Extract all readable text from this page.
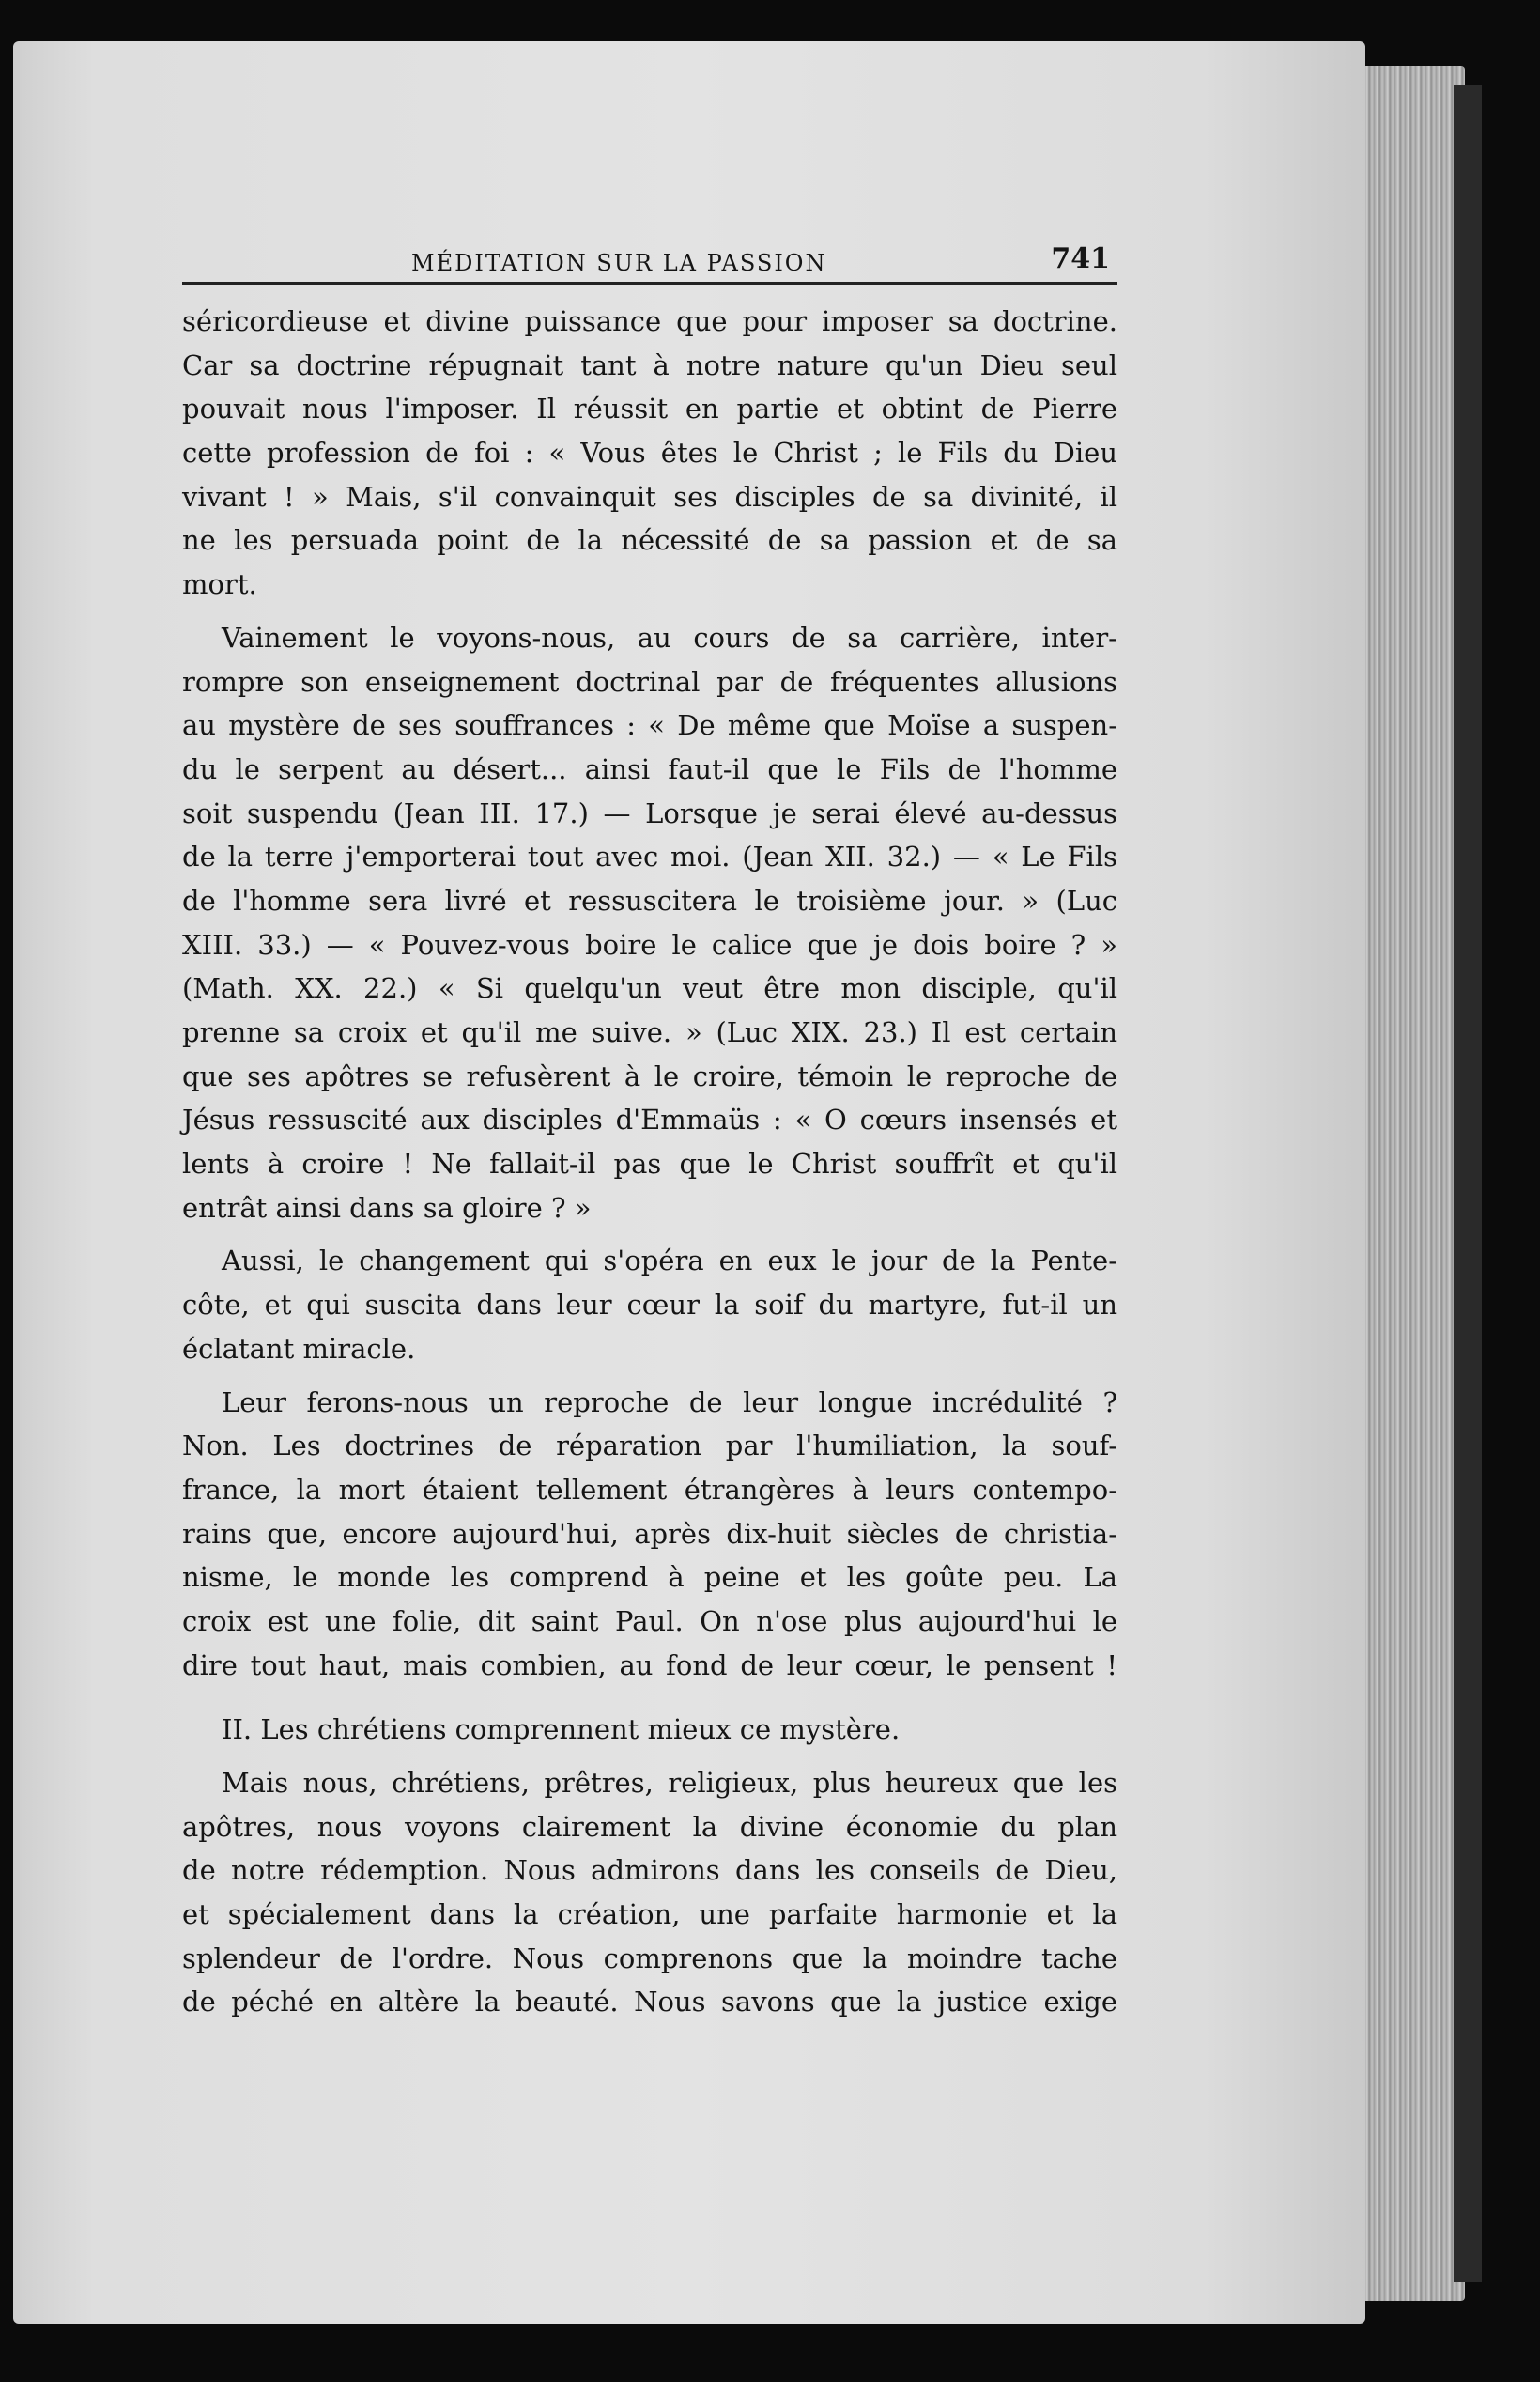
MÉDITATION SUR LA PASSION	741
séricordieuse et divine puissance que pour imposer sa doctrine.
Car sa doctrine répugnait tant à notre nature qu'un Dieu seul
pouvait nous l'imposer. Il réussit en partie et obtint de Pierre
cette profession de foi : « Vous êtes le Christ ; le Fils du Dieu
vivant ! » Mais, s'il convainquit ses disciples de sa divinité, il
ne les persuada point de la nécessité de sa passion et de sa
mort.
Vainement le voyons-nous, au cours de sa carrière, inter-
rompre son enseignement doctrinal par de fréquentes allusions
au mystère de ses souffrances : « De même que Moïse a suspen-
du le serpent au désert... ainsi faut-il que le Fils de l'homme
soit suspendu (Jean III. 17.) — Lorsque je serai élevé au-dessus
de la terre j'emporterai tout avec moi. (Jean XII. 32.) — « Le Fils
de l'homme sera livré et ressuscitera le troisième jour. » (Luc
XIII. 33.) — « Pouvez-vous boire le calice que je dois boire ? »
(Math. XX. 22.) « Si quelqu'un veut être mon disciple, qu'il
prenne sa croix et qu'il me suive. » (Luc XIX. 23.) Il est certain
que ses apôtres se refusèrent à le croire, témoin le reproche de
Jésus ressuscité aux disciples d'Emmaüs : « O cœurs insensés et
lents à croire ! Ne fallait-il pas que le Christ souffrît et qu'il
entrât ainsi dans sa gloire ? »
Aussi, le changement qui s'opéra en eux le jour de la Pente-
côte, et qui suscita dans leur cœur la soif du martyre, fut-il un
éclatant miracle.
Leur ferons-nous un reproche de leur longue incrédulité ?
Non. Les doctrines de réparation par l'humiliation, la souf-
france, la mort étaient tellement étrangères à leurs contempo-
rains que, encore aujourd'hui, après dix-huit siècles de christia-
nisme, le monde les comprend à peine et les goûte peu. La
croix est une folie, dit saint Paul. On n'ose plus aujourd'hui le
dire tout haut, mais combien, au fond de leur cœur, le pensent !
II. Les chrétiens comprennent mieux ce mystère.
Mais nous, chrétiens, prêtres, religieux, plus heureux que les
apôtres, nous voyons clairement la divine économie du plan
de notre rédemption. Nous admirons dans les conseils de Dieu,
et spécialement dans la création, une parfaite harmonie et la
splendeur de l'ordre. Nous comprenons que la moindre tache
de péché en altère la beauté. Nous savons que la justice exige
